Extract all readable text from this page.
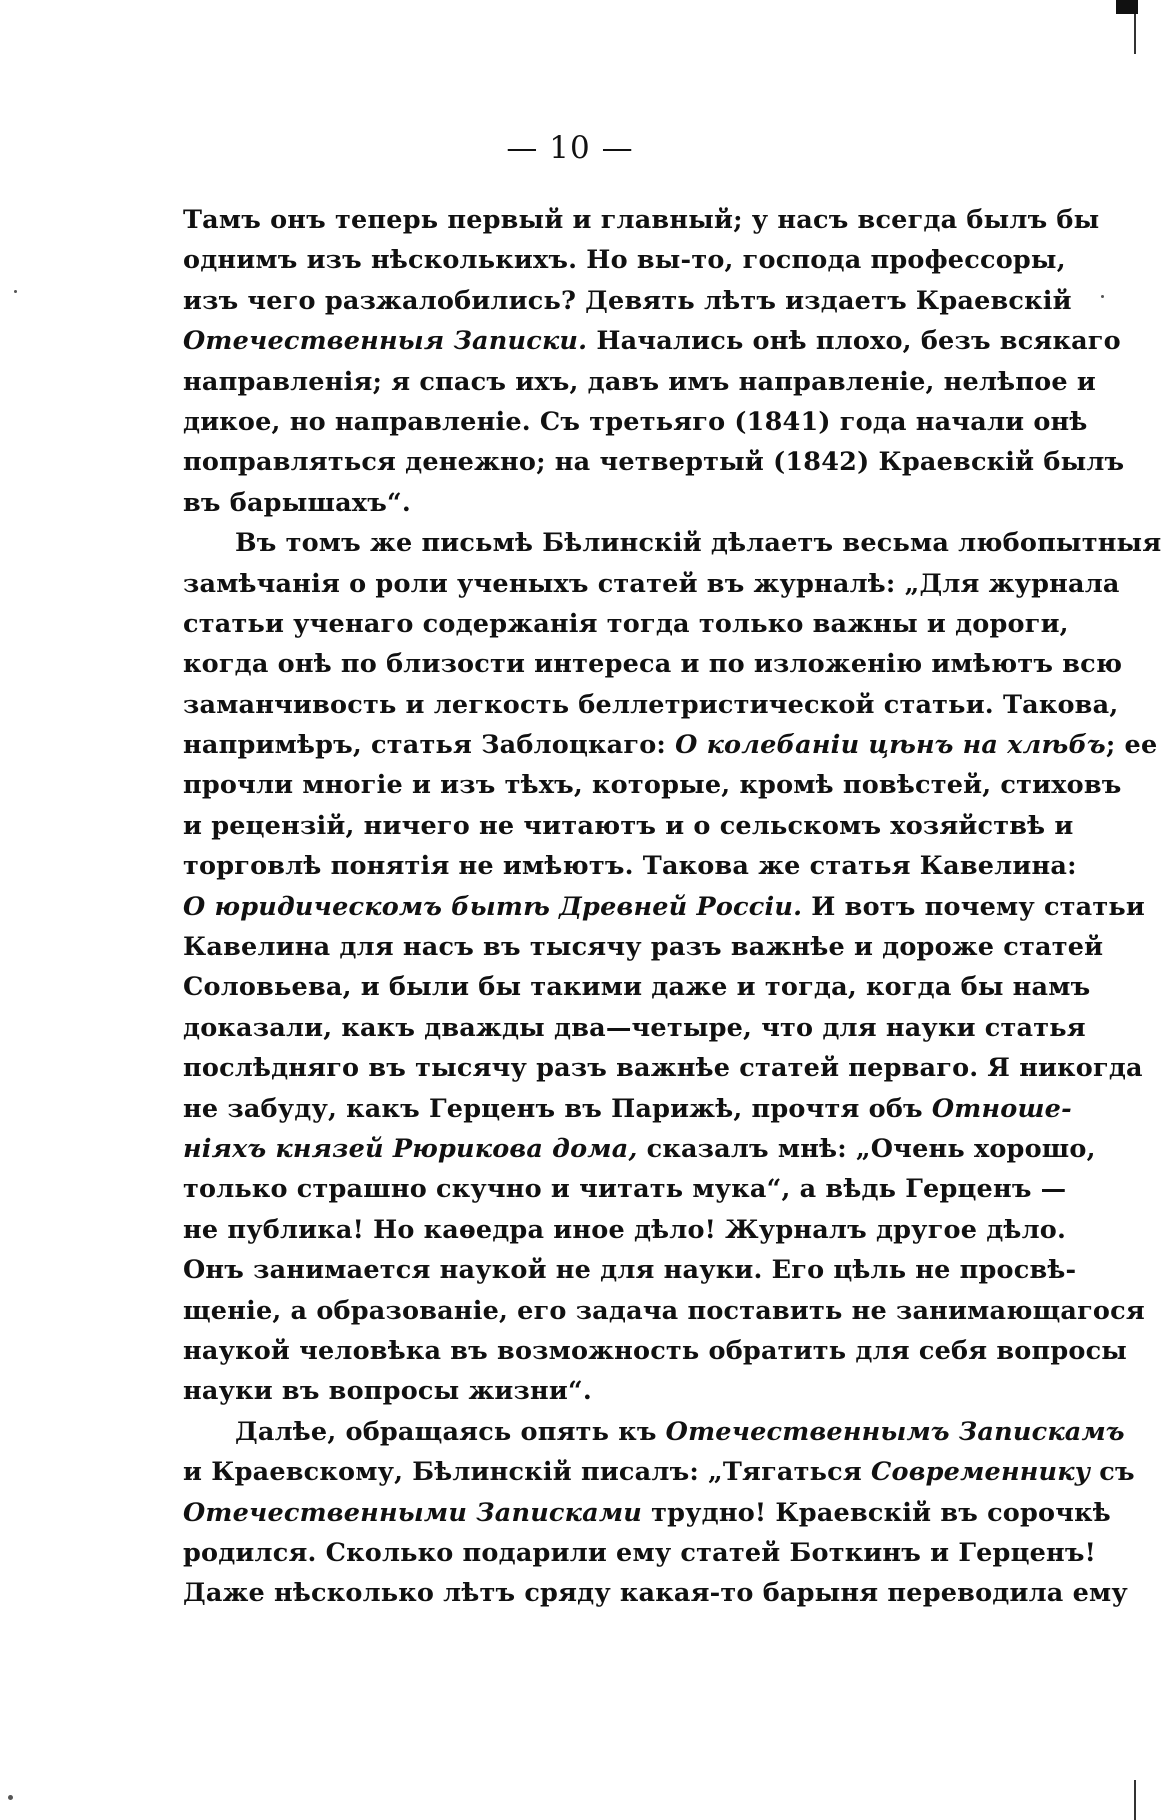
— 10 —
Тамъ онъ теперь первый и главный; у насъ всегда былъ бы
однимъ изъ нѣсколькихъ. Но вы-то, господа профессоры,
изъ чего разжалобились? Девять лѣтъ издаетъ Краевскій
Отечественныя Записки. Начались онѣ плохо, безъ всякаго
направленія; я спасъ ихъ, давъ имъ направленіе, нелѣпое и
дикое, но направленіе. Съ третьяго (1841) года начали онѣ
поправляться денежно; на четвертый (1842) Краевскій былъ
въ барышахъ“.
Въ томъ же письмѣ Бѣлинскій дѣлаетъ весьма любопытныя
замѣчанія о роли ученыхъ статей въ журналѣ: „Для журнала
статьи ученаго содержанія тогда только важны и дороги,
когда онѣ по близости интереса и по изложенію имѣютъ всю
заманчивость и легкость беллетристической статьи. Такова,
напримѣръ, статья Заблоцкаго: О колебаніи цѣнъ на хлѣбъ; ее
прочли многіе и изъ тѣхъ, которые, кромѣ повѣстей, стиховъ
и рецензій, ничего не читаютъ и о сельскомъ хозяйствѣ и
торговлѣ понятія не имѣютъ. Такова же статья Кавелина:
О юридическомъ бытѣ Древней Россіи. И вотъ почему статьи
Кавелина для насъ въ тысячу разъ важнѣе и дороже статей
Соловьева, и были бы такими даже и тогда, когда бы намъ
доказали, какъ дважды два—четыре, что для науки статья
послѣдняго въ тысячу разъ важнѣе статей перваго. Я никогда
не забуду, какъ Герценъ въ Парижѣ, прочтя объ Отноше-
ніяхъ князей Рюрикова дома, сказалъ мнѣ: „Очень хорошо,
только страшно скучно и читать мука“, а вѣдь Герценъ —
не публика! Но каѳедра иное дѣло! Журналъ другое дѣло.
Онъ занимается наукой не для науки. Его цѣль не просвѣ-
щеніе, а образованіе, его задача поставить не занимающагося
наукой человѣка въ возможность обратить для себя вопросы
науки въ вопросы жизни“.
Далѣе, обращаясь опять къ Отечественнымъ Запискамъ
и Краевскому, Бѣлинскій писалъ: „Тягаться Современнику съ
Отечественными Записками трудно! Краевскій въ сорочкѣ
родился. Сколько подарили ему статей Боткинъ и Герценъ!
Даже нѣсколько лѣтъ сряду какая-то барыня переводила ему
